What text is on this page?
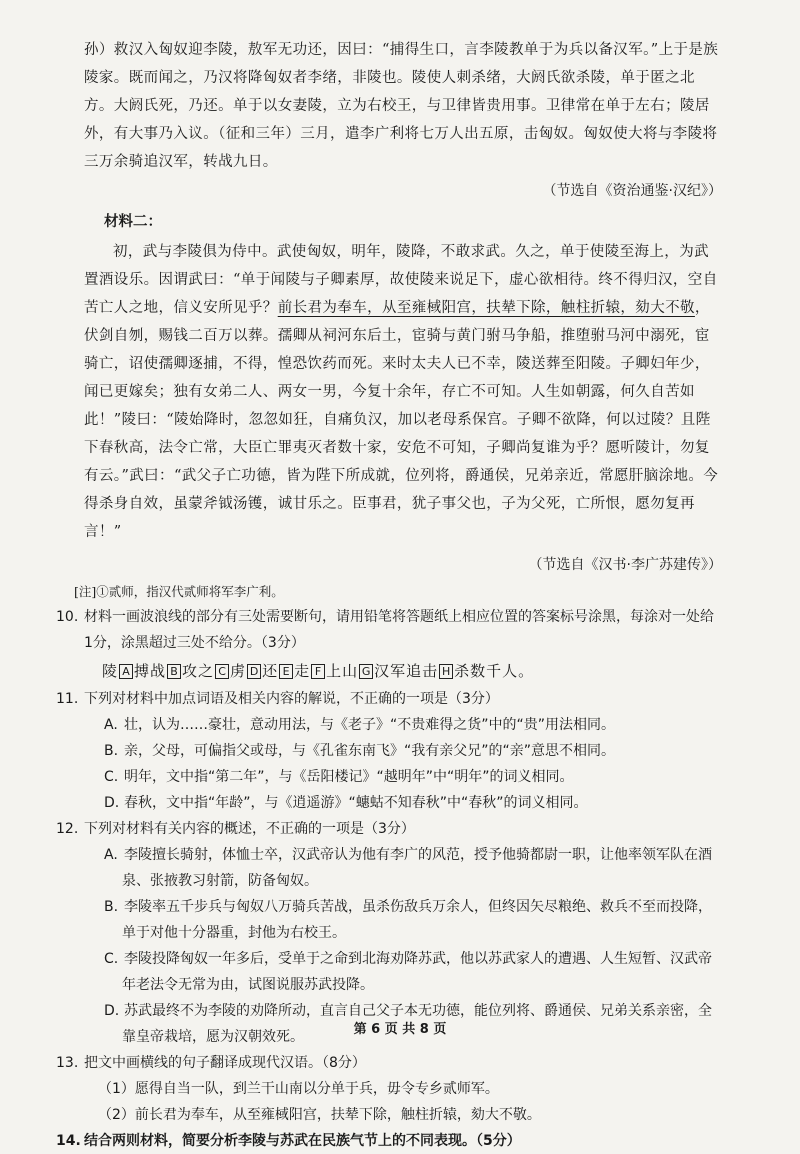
孙）救汉入匈奴迎李陵，敖军无功还，因曰：“捕得生口，言李陵教单于为兵以备汉军。”上于是族陵家。既而闻之，乃汉将降匈奴者李绪，非陵也。陵使人刺杀绪，大阏氏欲杀陵，单于匿之北方。大阏氏死，乃还。单于以女妻陵，立为右校王，与卫律皆贵用事。卫律常在单于左右；陵居外，有大事乃入议。（征和三年）三月，遣李广利将七万人出五原，击匈奴。匈奴使大将与李陵将三万余骑追汉军，转战九日。

（节选自《资治通鉴·汉纪》）

材料二：

初，武与李陵俱为侍中。武使匈奴，明年，陵降，不敢求武。久之，单于使陵至海上，为武置酒设乐。因谓武曰：“单于闻陵与子卿素厚，故使陵来说足下，虚心欲相待。终不得归汉，空自苦亡人之地，信义安所见乎？前长君为奉车，从至雍棫阳宫，扶辇下除，触柱折辕，劾大不敬，伏剑自刎，赐钱二百万以葬。孺卿从祠河东后土，宦骑与黄门驸马争船，推堕驸马河中溺死，宦骑亡，诏使孺卿逐捕，不得，惶恐饮药而死。来时太夫人已不幸，陵送葬至阳陵。子卿妇年少，闻已更嫁矣；独有女弟二人、两女一男，今复十余年，存亡不可知。人生如朝露，何久自苦如此！”陵曰：“陵始降时，忽忽如狂，自痛负汉，加以老母系保宫。子卿不欲降，何以过陵？且陛下春秋高，法令亡常，大臣亡罪夷灭者数十家，安危不可知，子卿尚复谁为乎？愿听陵计，勿复有云。”武曰：“武父子亡功德，皆为陛下所成就，位列将，爵通侯，兄弟亲近，常愿肝脑涂地。今得杀身自效，虽蒙斧钺汤镬，诚甘乐之。臣事君，犹子事父也，子为父死，亡所恨，愿勿复再言！”

（节选自《汉书·李广苏建传》）

[注]①贰师，指汉代贰师将军李广利。

10. 材料一画波浪线的部分有三处需要断句，请用铅笔将答题纸上相应位置的答案标号涂黑，每涂对一处给1分，涂黑超过三处不给分。（3分）

陵 A 搏战 B 攻之 C 虏 D 还 E 走 F 上山 G 汉军追击 H 杀数千人。
11. 下列对材料中加点词语及相关内容的解说，不正确的一项是（3分）

A. 壮，认为……豪壮，意动用法，与《老子》“不贵难得之货”中的“贵”用法相同。

B. 亲，父母，可偏指父或母，与《孔雀东南飞》“我有亲父兄”的“亲”意思不相同。

C. 明年，文中指“第二年”，与《岳阳楼记》“越明年”中“明年”的词义相同。

D. 春秋，文中指“年龄”，与《逍遥游》“蟪蛄不知春秋”中“春秋”的词义相同。

12. 下列对材料有关内容的概述，不正确的一项是（3分）

A. 李陵擅长骑射，体恤士卒，汉武帝认为他有李广的风范，授予他骑都尉一职，让他率领军队在酒泉、张掖教习射箭，防备匈奴。

B. 李陵率五千步兵与匈奴八万骑兵苦战，虽杀伤敌兵万余人，但终因矢尽粮绝、救兵不至而投降，单于对他十分器重，封他为右校王。

C. 李陵投降匈奴一年多后，受单于之命到北海劝降苏武，他以苏武家人的遭遇、人生短暂、汉武帝年老法令无常为由，试图说服苏武投降。

D. 苏武最终不为李陵的劝降所动，直言自己父子本无功德，能位列将、爵通侯、兄弟关系亲密，全靠皇帝栽培，愿为汉朝效死。

13. 把文中画横线的句子翻译成现代汉语。（8分）

（1）愿得自当一队，到兰干山南以分单于兵，毋令专乡贰师军。

（2）前长君为奉车，从至雍棫阳宫，扶辇下除，触柱折辕，劾大不敬。

14. 结合两则材料，简要分析李陵与苏武在民族气节上的不同表现。（5分）

第 6 页 共 8 页
